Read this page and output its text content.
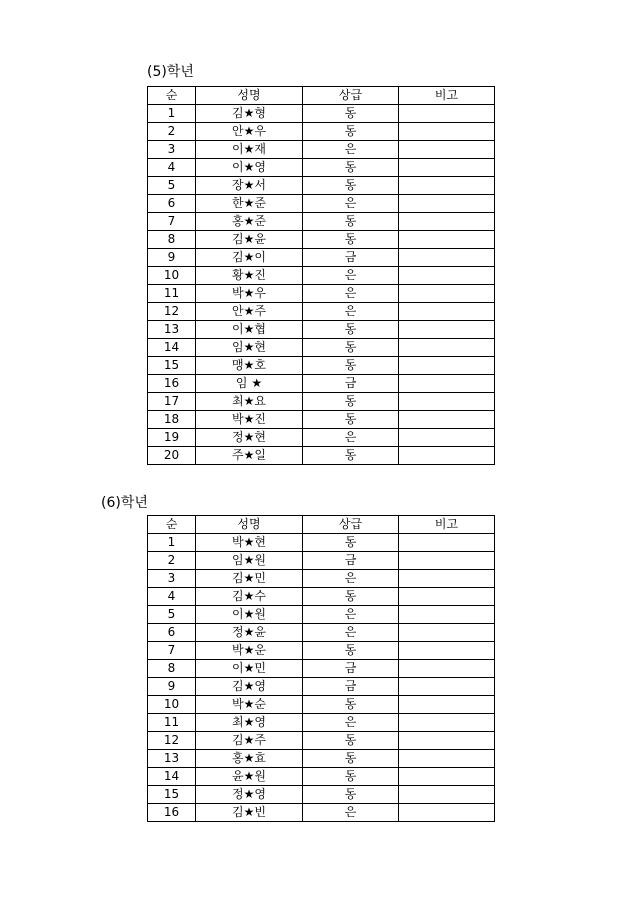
(5)학년
순	성명	상급	비고
1	김★형	동	
2	안★우	동	
3	이★재	은	
4	이★영	동	
5	장★서	동	
6	한★준	은	
7	홍★준	동	
8	김★윤	동	
9	김★이	금	
10	황★진	은	
11	박★우	은	
12	안★주	은	
13	이★협	동	
14	임★현	동	
15	맹★호	동	
16	임 ★	금	
17	최★요	동	
18	박★진	동	
19	정★현	은	
20	주★일	동	
(6)학년
순	성명	상급	비고
1	박★현	동	
2	임★원	금	
3	김★민	은	
4	김★수	동	
5	이★원	은	
6	정★윤	은	
7	박★운	동	
8	이★민	금	
9	김★영	금	
10	박★순	동	
11	최★영	은	
12	김★주	동	
13	홍★효	동	
14	윤★원	동	
15	정★영	동	
16	김★빈	은	
